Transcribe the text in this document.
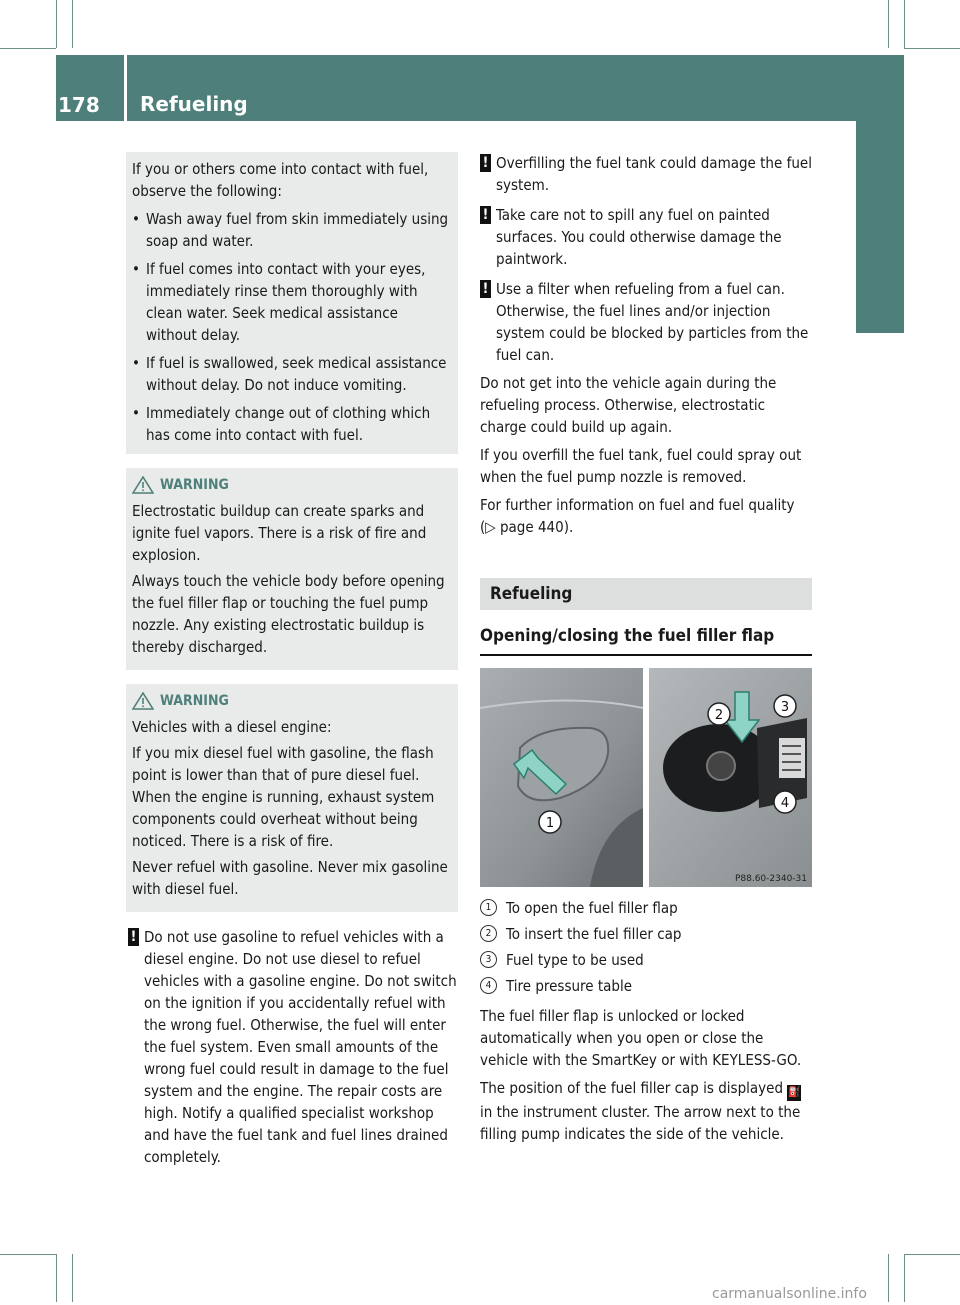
178	Refueling	Driving and parking

If you or others come into contact with fuel, observe the following:

• Wash away fuel from skin immediately using soap and water.
• If fuel comes into contact with your eyes, immediately rinse them thoroughly with clean water. Seek medical assistance without delay.
• If fuel is swallowed, seek medical assistance without delay. Do not induce vomiting.
• Immediately change out of clothing which has come into contact with fuel.
WARNING

Electrostatic buildup can create sparks and ignite fuel vapors. There is a risk of fire and explosion.

Always touch the vehicle body before opening the fuel filler flap or touching the fuel pump nozzle. Any existing electrostatic buildup is thereby discharged.

WARNING

Vehicles with a diesel engine:

If you mix diesel fuel with gasoline, the flash point is lower than that of pure diesel fuel. When the engine is running, exhaust system components could overheat without being noticed. There is a risk of fire.

Never refuel with gasoline. Never mix gasoline with diesel fuel.

! Do not use gasoline to refuel vehicles with a diesel engine. Do not use diesel to refuel vehicles with a gasoline engine. Do not switch on the ignition if you accidentally refuel with the wrong fuel. Otherwise, the fuel will enter the fuel system. Even small amounts of the wrong fuel could result in damage to the fuel system and the engine. The repair costs are high. Notify a qualified specialist workshop and have the fuel tank and fuel lines drained completely.
! Overfilling the fuel tank could damage the fuel system.
! Take care not to spill any fuel on painted surfaces. You could otherwise damage the paintwork.
! Use a filter when refueling from a fuel can. Otherwise, the fuel lines and/or injection system could be blocked by particles from the fuel can.

Do not get into the vehicle again during the refueling process. Otherwise, electrostatic charge could build up again.

If you overfill the fuel tank, fuel could spray out when the fuel pump nozzle is removed.

For further information on fuel and fuel quality (▷ page 440).

Refueling
Opening/closing the fuel filler flap
1
2
3
4
P88.60-2340-31
1 To open the fuel filler flap
2 To insert the fuel filler cap
3 Fuel type to be used
4 Tire pressure table

The fuel filler flap is unlocked or locked automatically when you open or close the vehicle with the SmartKey or with KEYLESS-GO.

The position of the fuel filler cap is displayed ⛽in the instrument cluster. The arrow next to the filling pump indicates the side of the vehicle.

carmanualsonline.info
